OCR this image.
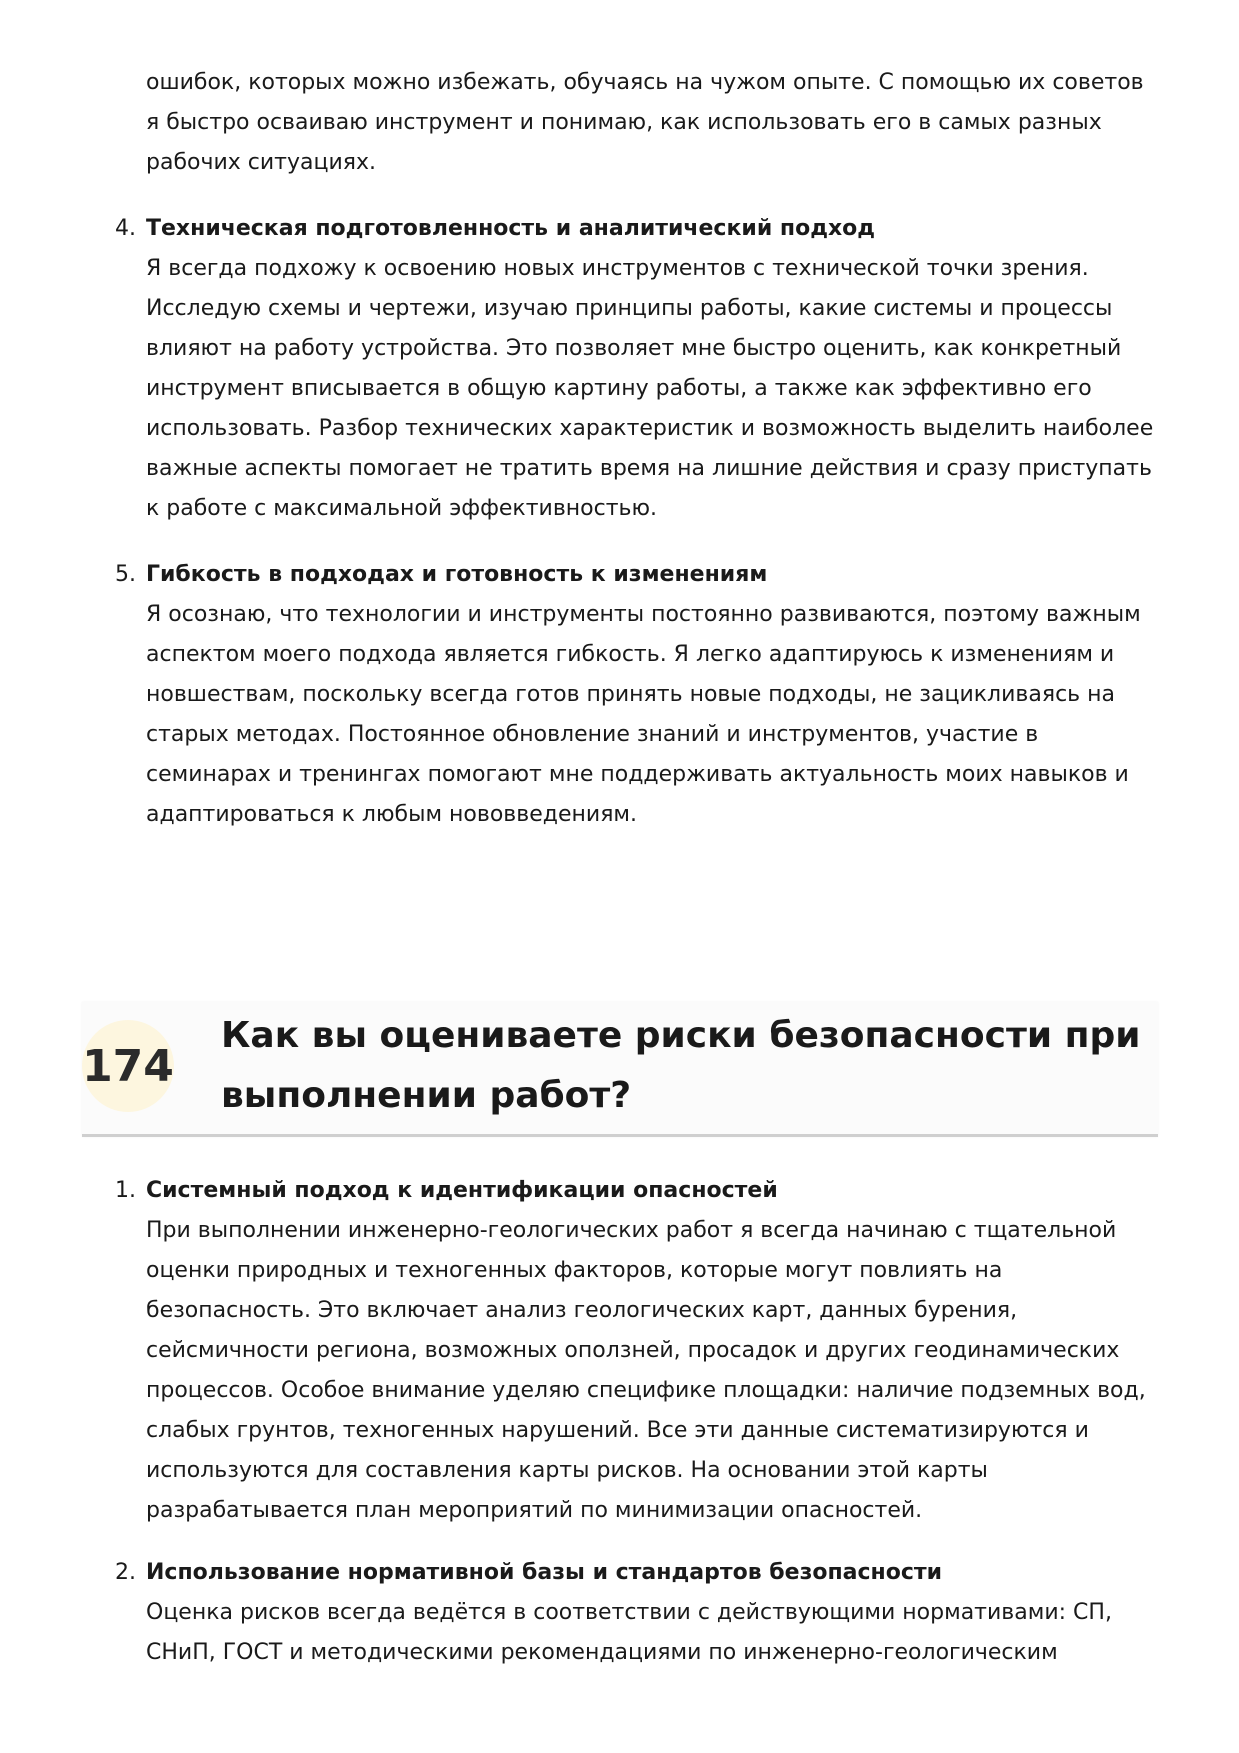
ошибок, которых можно избежать, обучаясь на чужом опыте. С помощью их советов я быстро осваиваю инструмент и понимаю, как использовать его в самых разных рабочих ситуациях.

4. Техническая подготовленность и аналитический подход

Я всегда подхожу к освоению новых инструментов с технической точки зрения. Исследую схемы и чертежи, изучаю принципы работы, какие системы и процессы влияют на работу устройства. Это позволяет мне быстро оценить, как конкретный инструмент вписывается в общую картину работы, а также как эффективно его использовать. Разбор технических характеристик и возможность выделить наиболее важные аспекты помогает не тратить время на лишние действия и сразу приступать к работе с максимальной эффективностью.

5. Гибкость в подходах и готовность к изменениям

Я осознаю, что технологии и инструменты постоянно развиваются, поэтому важным аспектом моего подхода является гибкость. Я легко адаптируюсь к изменениям и новшествам, поскольку всегда готов принять новые подходы, не зацикливаясь на старых методах. Постоянное обновление знаний и инструментов, участие в семинарах и тренингах помогают мне поддерживать актуальность моих навыков и адаптироваться к любым нововведениям.

174
Как вы оцениваете риски безопасности при выполнении работ?
1. Системный подход к идентификации опасностей

При выполнении инженерно-геологических работ я всегда начинаю с тщательной оценки природных и техногенных факторов, которые могут повлиять на безопасность. Это включает анализ геологических карт, данных бурения, сейсмичности региона, возможных оползней, просадок и других геодинамических процессов. Особое внимание уделяю специфике площадки: наличие подземных вод, слабых грунтов, техногенных нарушений. Все эти данные систематизируются и используются для составления карты рисков. На основании этой карты разрабатывается план мероприятий по минимизации опасностей.

2. Использование нормативной базы и стандартов безопасности

Оценка рисков всегда ведётся в соответствии с действующими нормативами: СП, СНиП, ГОСТ и методическими рекомендациями по инженерно-геологическим
